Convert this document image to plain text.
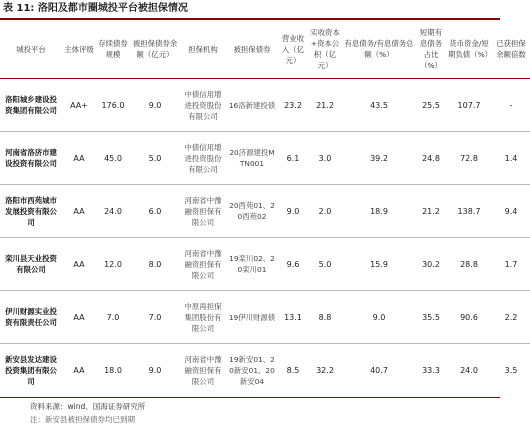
表 11: 洛阳及都市圈城投平台被担保情况
城投平台	主体评级	存续债券规模	被担保债券余额（亿元）	担保机构	被担保债券	营业收入（亿元）	实收资本+资本公积（亿元）	有息债务/有息债务总额（%）	短期有息债务占比（%）	货币资金/短期负债（%）	已获担保余额倍数
洛阳城乡建设投资集团有限公司	AA+	176.0	9.0	中债信用增进投资股份有限公司	16洛新建投债	23.2	21.2	43.5	25.5	107.7	-
河南省洛济市建设投资有限公司	AA	45.0	5.0	中债信用增进投资股份有限公司	20济源建投MTN001	6.1	3.0	39.2	24.8	72.8	1.4
洛阳市西苑城市发展投资有限公司	AA	24.0	6.0	河南省中豫融资担保有限公司	20西苑01、20西苑02	9.0	2.0	18.9	21.2	138.7	9.4
栾川县天业投资有限公司	AA	12.0	8.0	河南省中豫融资担保有限公司	19栾川02、20栾川01	9.6	5.0	15.9	30.2	28.8	1.7
伊川财源实业投资有限责任公司	AA	7.0	7.0	中原再担保集团股份有限公司	19伊川财源债	13.1	8.8	9.0	35.5	90.6	2.2
新安县发达建设投资集团有限公司	AA	18.0	9.0	河南省中豫融资担保有限公司	19新安01、20新安01、20新安04	8.5	32.2	40.7	33.3	24.0	3.5
资料来源：wind、国海证券研究所
注：新安县被担保债券均已到期
